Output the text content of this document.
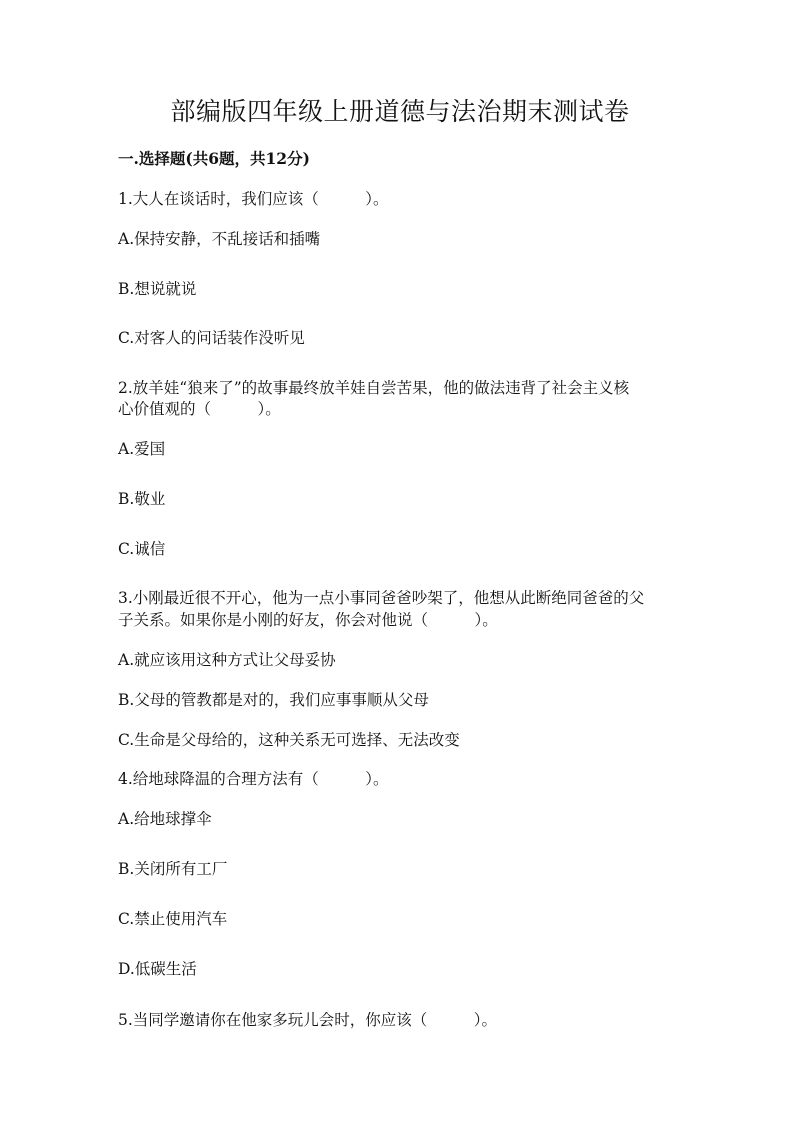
部编版四年级上册道德与法治期末测试卷

一.选择题(共6题，共12分)

1.大人在谈话时，我们应该（　　　）。

A.保持安静，不乱接话和插嘴

B.想说就说

C.对客人的问话装作没听见

2.放羊娃“狼来了”的故事最终放羊娃自尝苦果，他的做法违背了社会主义核

心价值观的（　　　）。

A.爱国

B.敬业

C.诚信

3.小刚最近很不开心，他为一点小事同爸爸吵架了，他想从此断绝同爸爸的父

子关系。如果你是小刚的好友，你会对他说（　　　）。

A.就应该用这种方式让父母妥协

B.父母的管教都是对的，我们应事事顺从父母

C.生命是父母给的，这种关系无可选择、无法改变

4.给地球降温的合理方法有（　　　）。

A.给地球撑伞

B.关闭所有工厂

C.禁止使用汽车

D.低碳生活

5.当同学邀请你在他家多玩儿会时，你应该（　　　）。
